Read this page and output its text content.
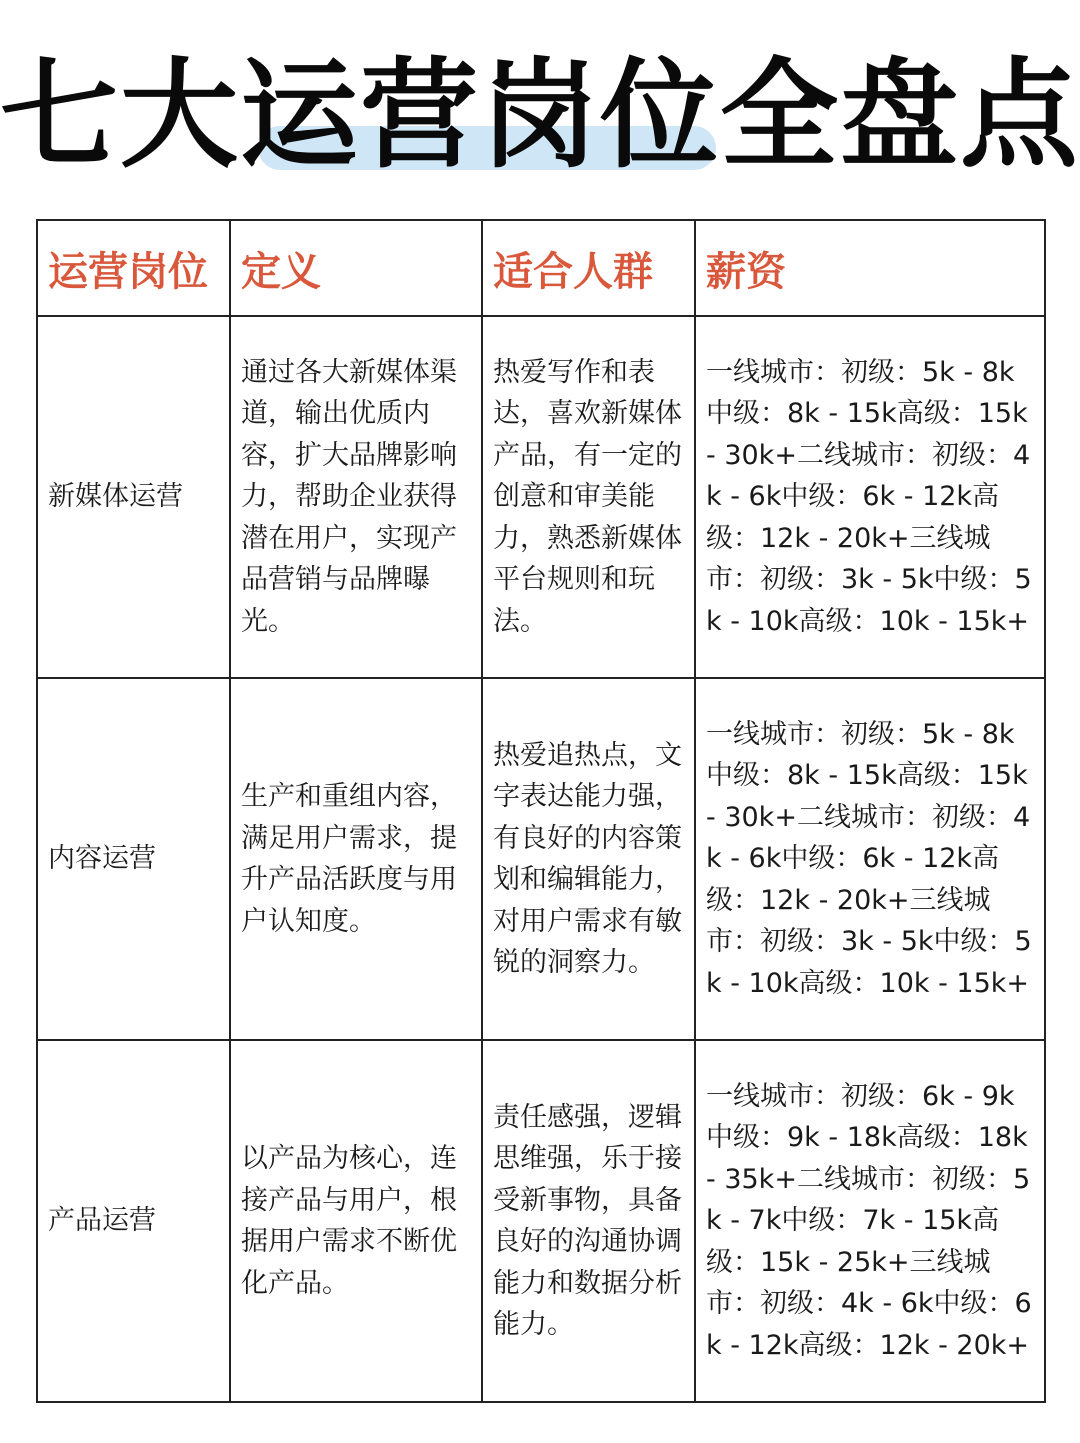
七大运营岗位全盘点
运营岗位	定义	适合人群	薪资
新媒体运营	通过各大新媒体渠道，输出优质内容，扩大品牌影响力，帮助企业获得潜在用户，实现产品营销与品牌曝光。	热爱写作和表达，喜欢新媒体产品，有一定的创意和审美能力，熟悉新媒体平台规则和玩法。	一线城市：初级：5k - 8k中级：8k - 15k高级：15k - 30k+二线城市：初级：4k - 6k中级：6k - 12k高级：12k - 20k+三线城市：初级：3k - 5k中级：5k - 10k高级：10k - 15k+
内容运营	生产和重组内容，满足用户需求，提升产品活跃度与用户认知度。	热爱追热点，文字表达能力强，有良好的内容策划和编辑能力，对用户需求有敏锐的洞察力。	一线城市：初级：5k - 8k中级：8k - 15k高级：15k - 30k+二线城市：初级：4k - 6k中级：6k - 12k高级：12k - 20k+三线城市：初级：3k - 5k中级：5k - 10k高级：10k - 15k+
产品运营	以产品为核心，连接产品与用户，根据用户需求不断优化产品。	责任感强，逻辑思维强，乐于接受新事物，具备良好的沟通协调能力和数据分析能力。	一线城市：初级：6k - 9k中级：9k - 18k高级：18k - 35k+二线城市：初级：5k - 7k中级：7k - 15k高级：15k - 25k+三线城市：初级：4k - 6k中级：6k - 12k高级：12k - 20k+
